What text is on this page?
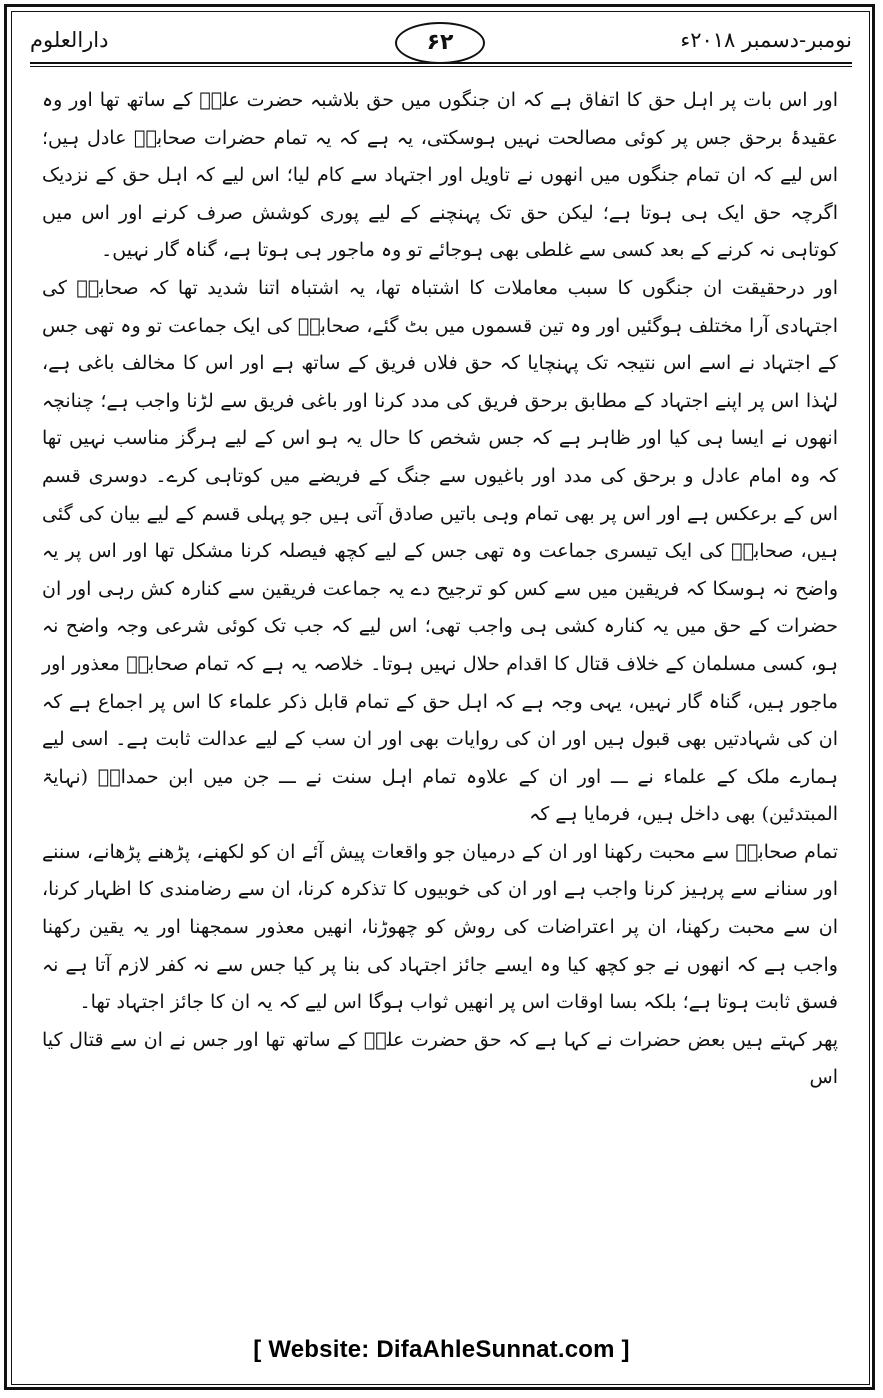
دارالعلوم	نومبر-دسمبر ۲۰۱۸ء
۶۲

اور اس بات پر اہل حق کا اتفاق ہے کہ ان جنگوں میں حق بلاشبہ حضرت علیؓ کے ساتھ تھا اور وہ عقیدۂ برحق جس پر کوئی مصالحت نہیں ہوسکتی، یہ ہے کہ یہ تمام حضرات صحابہؓ عادل ہیں؛ اس لیے کہ ان تمام جنگوں میں انھوں نے تاویل اور اجتہاد سے کام لیا؛ اس لیے کہ اہل حق کے نزدیک اگرچہ حق ایک ہی ہوتا ہے؛ لیکن حق تک پہنچنے کے لیے پوری کوشش صرف کرنے اور اس میں کوتاہی نہ کرنے کے بعد کسی سے غلطی بھی ہوجائے تو وہ ماجور ہی ہوتا ہے، گناہ گار نہیں۔

اور درحقیقت ان جنگوں کا سبب معاملات کا اشتباہ تھا، یہ اشتباہ اتنا شدید تھا کہ صحابہؓ کی اجتہادی آرا مختلف ہوگئیں اور وہ تین قسموں میں بٹ گئے، صحابہؓ کی ایک جماعت تو وہ تھی جس کے اجتہاد نے اسے اس نتیجہ تک پہنچایا کہ حق فلاں فریق کے ساتھ ہے اور اس کا مخالف باغی ہے، لہٰذا اس پر اپنے اجتہاد کے مطابق برحق فریق کی مدد کرنا اور باغی فریق سے لڑنا واجب ہے؛ چنانچہ انھوں نے ایسا ہی کیا اور ظاہر ہے کہ جس شخص کا حال یہ ہو اس کے لیے ہرگز مناسب نہیں تھا کہ وہ امام عادل و برحق کی مدد اور باغیوں سے جنگ کے فریضے میں کوتاہی کرے۔ دوسری قسم اس کے برعکس ہے اور اس پر بھی تمام وہی باتیں صادق آتی ہیں جو پہلی قسم کے لیے بیان کی گئی ہیں، صحابہؓ کی ایک تیسری جماعت وہ تھی جس کے لیے کچھ فیصلہ کرنا مشکل تھا اور اس پر یہ واضح نہ ہوسکا کہ فریقین میں سے کس کو ترجیح دے یہ جماعت فریقین سے کنارہ کش رہی اور ان حضرات کے حق میں یہ کنارہ کشی ہی واجب تھی؛ اس لیے کہ جب تک کوئی شرعی وجہ واضح نہ ہو، کسی مسلمان کے خلاف قتال کا اقدام حلال نہیں ہوتا۔ خلاصہ یہ ہے کہ تمام صحابہؓ معذور اور ماجور ہیں، گناہ گار نہیں، یہی وجہ ہے کہ اہل حق کے تمام قابل ذکر علماء کا اس پر اجماع ہے کہ ان کی شہادتیں بھی قبول ہیں اور ان کی روایات بھی اور ان سب کے لیے عدالت ثابت ہے۔ اسی لیے ہمارے ملک کے علماء نے ـــ اور ان کے علاوہ تمام اہل سنت نے ـــ جن میں ابن حمدانؒ (نہایۃ المبتدئین) بھی داخل ہیں، فرمایا ہے کہ

تمام صحابہؓ سے محبت رکھنا اور ان کے درمیان جو واقعات پیش آئے ان کو لکھنے، پڑھنے پڑھانے، سننے اور سنانے سے پرہیز کرنا واجب ہے اور ان کی خوبیوں کا تذکرہ کرنا، ان سے رضامندی کا اظہار کرنا، ان سے محبت رکھنا، ان پر اعتراضات کی روش کو چھوڑنا، انھیں معذور سمجھنا اور یہ یقین رکھنا واجب ہے کہ انھوں نے جو کچھ کیا وہ ایسے جائز اجتہاد کی بنا پر کیا جس سے نہ کفر لازم آتا ہے نہ فسق ثابت ہوتا ہے؛ بلکہ بسا اوقات اس پر انھیں ثواب ہوگا اس لیے کہ یہ ان کا جائز اجتہاد تھا۔

پھر کہتے ہیں بعض حضرات نے کہا ہے کہ حق حضرت علیؓ کے ساتھ تھا اور جس نے ان سے قتال کیا اس

[ Website: DifaAhleSunnat.com ]
